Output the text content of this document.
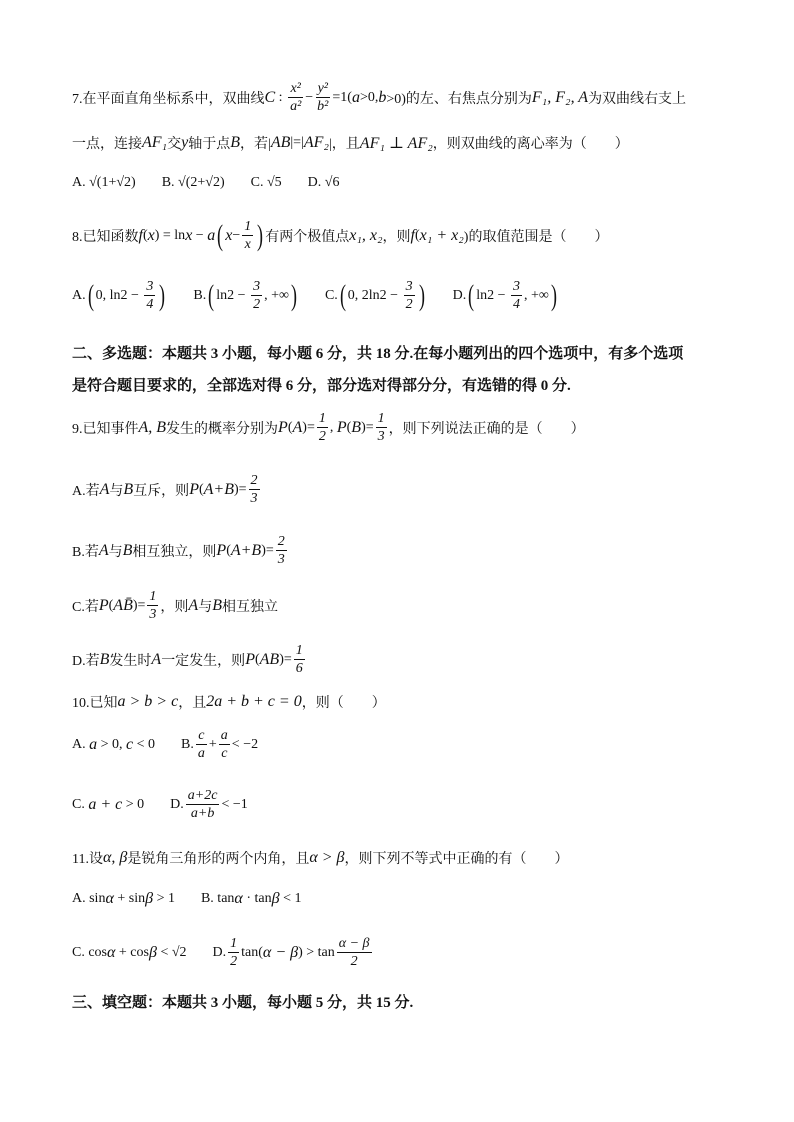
7.在平面直角坐标系中，双曲线 C : $\frac{\text{x²}}{\text{a²}} - \frac{\text{y²}}{\text{b²}} =1$( a >0, b >0)的左、右焦点分别为 F₁, F₂, A 为双曲线右支上
一点，连接 AF₁ 交 y 轴于点 B ，若| AB |=| AF₂ |，且 AF₁ ⊥ AF₂ ，则双曲线的离心率为（　　）
A. √(1+√2) B. √(2+√2) C. √5 D. √6
8.已知函数 f ( x ) = ln x − a ( $x - \frac{1}{x}$ ) 有两个极值点 x₁, x₂ ，则 f ( x₁ + x₂ )的取值范围是（　　）
A. ( 0, $\ln 2 - \frac{3}{4}$ ) B. ( $\ln 2 - \frac{3}{2}$ , +∞ ) C. ( 0, $2\ln 2 - \frac{3}{2}$ ) D. ( $\ln 2 - \frac{3}{4}$ , +∞ )
二、多选题：本题共 3 小题，每小题 6 分，共 18 分.在每小题列出的四个选项中，有多个选项
是符合题目要求的，全部选对得 6 分，部分选对得部分分，有选错的得 0 分.
9.已知事件 A, B 发生的概率分别为 P ( A )= $\frac{1}{2}$ , P ( B )= $\frac{1}{3}$ ，则下列说法正确的是（　　）
A.若 A 与 B 互斥，则 P ( A+B )= $\frac{2}{3}$
B.若 A 与 B 相互独立，则 P ( A+B )= $\frac{2}{3}$
C.若 P ( AB̄ )= $\frac{1}{3}$ ，则 A 与 B 相互独立
D.若 B 发生时 A 一定发生，则 P ( AB )= $\frac{1}{6}$
10.已知 a > b > c ，且 2a + b + c = 0 ，则（　　）
A. a > 0, c < 0 B. $\frac{c}{a} + \frac{a}{c} < -2$
C. a + c > 0 D. $\frac{a+2c}{a+b} < -1$
11.设 α, β 是锐角三角形的两个内角，且 α > β ，则下列不等式中正确的有（　　）
A. sin α + sin β > 1 B. tan α · tan β < 1
C. cos α + cos β < √2 D. $\frac{1}{2} \tan$( α − β ) > $\tan \frac{\alpha - \beta}{2}$
三、填空题：本题共 3 小题，每小题 5 分，共 15 分.
